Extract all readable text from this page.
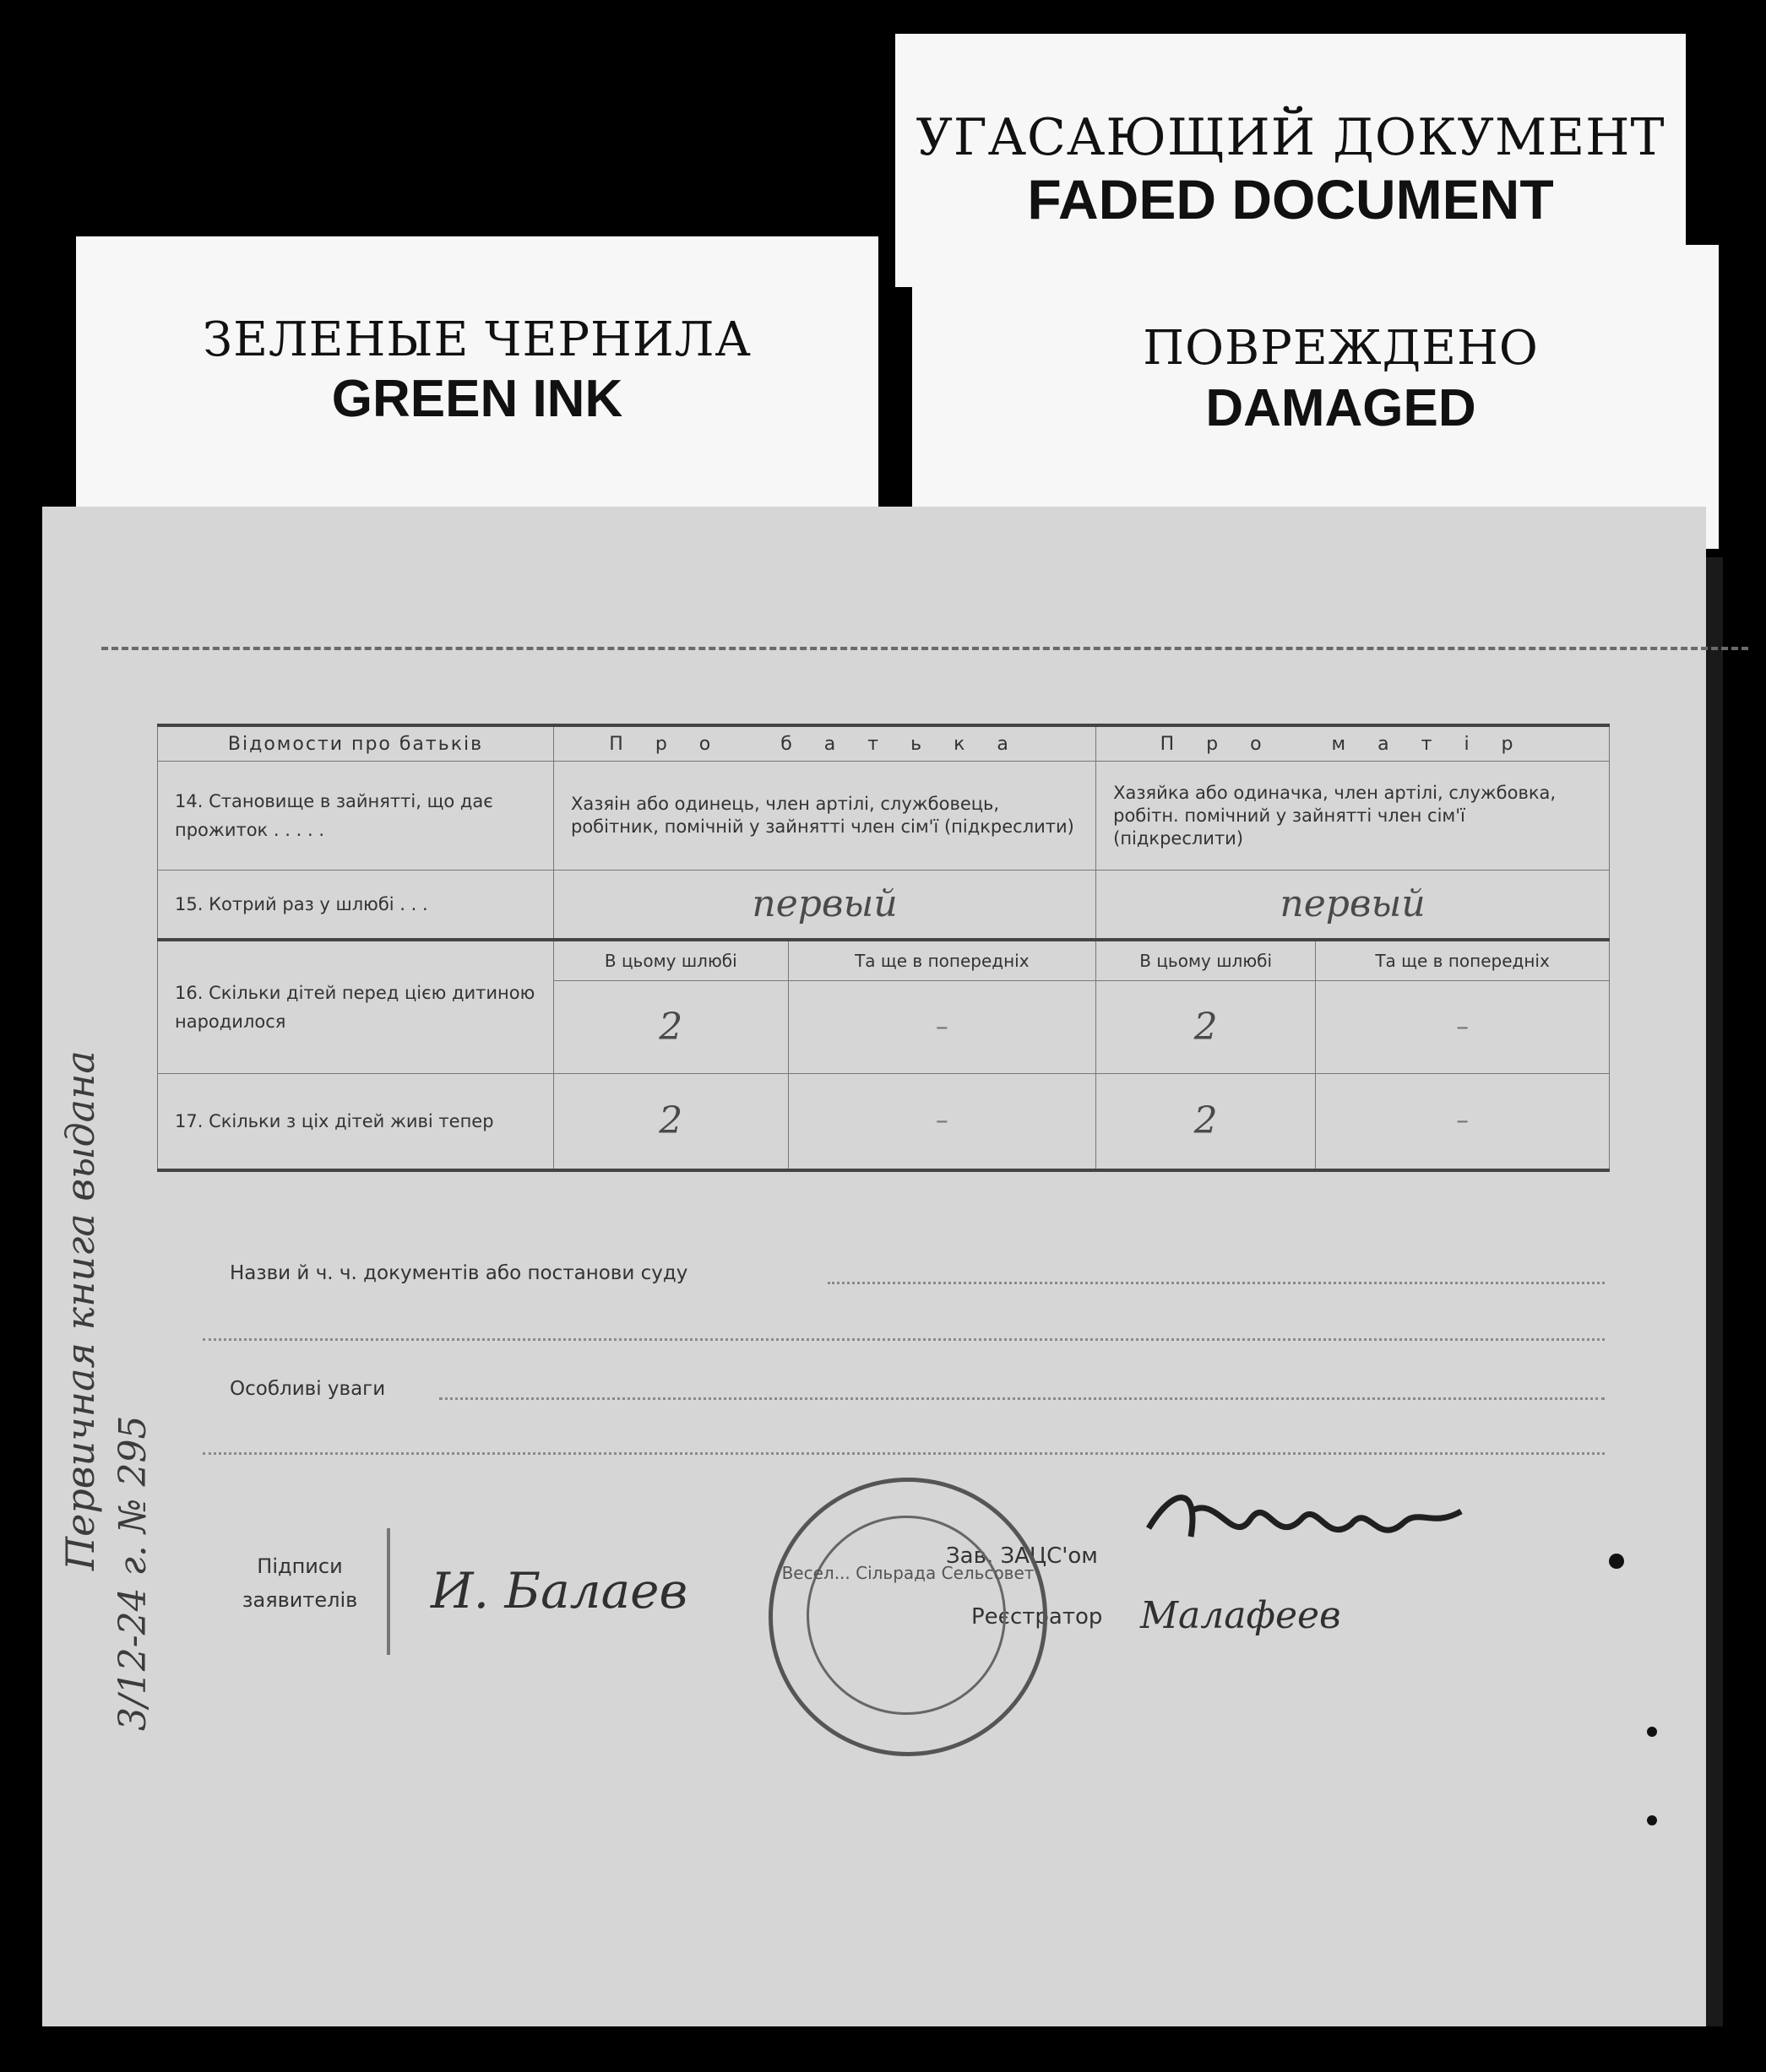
УГАСАЮЩИЙ ДОКУМЕНТ
FADED DOCUMENT
ПОВРЕЖДЕНО
DAMAGED
ЗЕЛЕНЫЕ ЧЕРНИЛА
GREEN INK
Відомости про батьків	Про батька		Про матір	
14. Становище в зайнятті, що дає прожиток . . . . .	Хазяін або одинець, член артілі, службовець, робітник, помічній у зайнятті член сім'ї (підкреслити)		Хазяйка або одиначка, член артілі, службовка, робітн. помічний у зайнятті член сім'ї (підкреслити)	
15. Котрий раз у шлюбі . . .	первый		первый	
16. Скільки дітей перед цією дитиною народилося	В цьому шлюбі	Та ще в попередніх	В цьому шлюбі	Та ще в попередніх
	2	–	2	–
17. Скільки з ціх дітей живі тепер	2	–	2	–
Назви й ч. ч. документів або постанови суду
Особливі уваги
Підписи заявителів И. Балаев
Зав. ЗАЦС'ом
Реєстратор Малафеев
Весел... Сільрада Сельсовет
Первичная книга выдана
3/12-24 г. № 295
